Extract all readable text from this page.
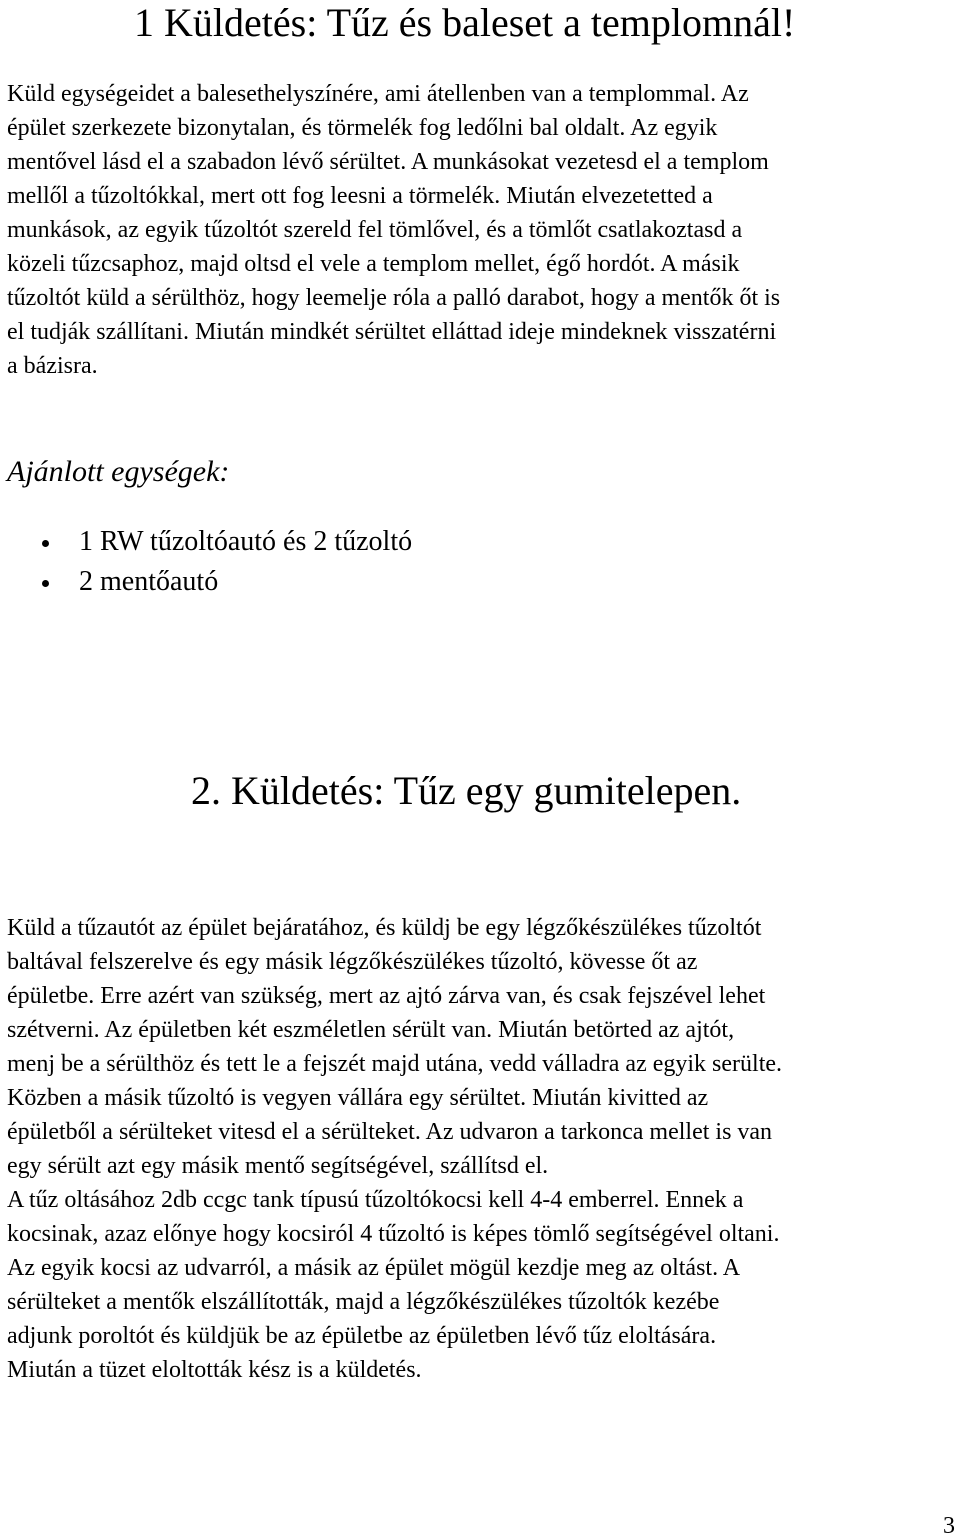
1 Küldetés: Tűz és baleset a templomnál!

Küld egységeidet a balesethelyszínére, ami átellenben van a templommal. Az
épület szerkezete bizonytalan, és törmelék fog ledőlni bal oldalt. Az egyik
mentővel lásd el a szabadon lévő sérültet. A munkásokat vezetesd el a templom
mellől a tűzoltókkal, mert ott fog leesni a törmelék. Miután elvezetetted a
munkások, az egyik tűzoltót szereld fel tömlővel, és a tömlőt csatlakoztasd a
közeli tűzcsaphoz, majd oltsd el vele a templom mellet, égő hordót. A másik
tűzoltót küld a sérülthöz, hogy leemelje róla a palló darabot, hogy a mentők őt is
el tudják szállítani. Miután mindkét sérültet elláttad ideje mindeknek visszatérni
a bázisra.

Ajánlott egységek:
1 RW tűzoltóautó és 2 tűzoltó
2 mentőautó
2. Küldetés: Tűz egy gumitelepen.

Küld a tűzautót az épület bejáratához, és küldj be egy légzőkészülékes tűzoltót
baltával felszerelve és egy másik légzőkészülékes tűzoltó, kövesse őt az
épületbe. Erre azért van szükség, mert az ajtó zárva van, és csak fejszével lehet
szétverni. Az épületben két eszméletlen sérült van. Miután betörted az ajtót,
menj be a sérülthöz és tett le a fejszét majd utána, vedd válladra az egyik serülte.
Közben a másik tűzoltó is vegyen vállára egy sérültet. Miután kivitted az
épületből a sérülteket vitesd el a sérülteket. Az udvaron a tarkonca mellet is van
egy sérült azt egy másik mentő segítségével, szállítsd el.

A tűz oltásához 2db ccgc tank típusú tűzoltókocsi kell 4-4 emberrel. Ennek a
kocsinak, azaz előnye hogy kocsiról 4 tűzoltó is képes tömlő segítségével oltani.
Az egyik kocsi az udvarról, a másik az épület mögül kezdje meg az oltást. A
sérülteket a mentők elszállították, majd a légzőkészülékes tűzoltók kezébe
adjunk poroltót és küldjük be az épületbe az épületben lévő tűz eloltására.
Miután a tüzet eloltották kész is a küldetés.

3
